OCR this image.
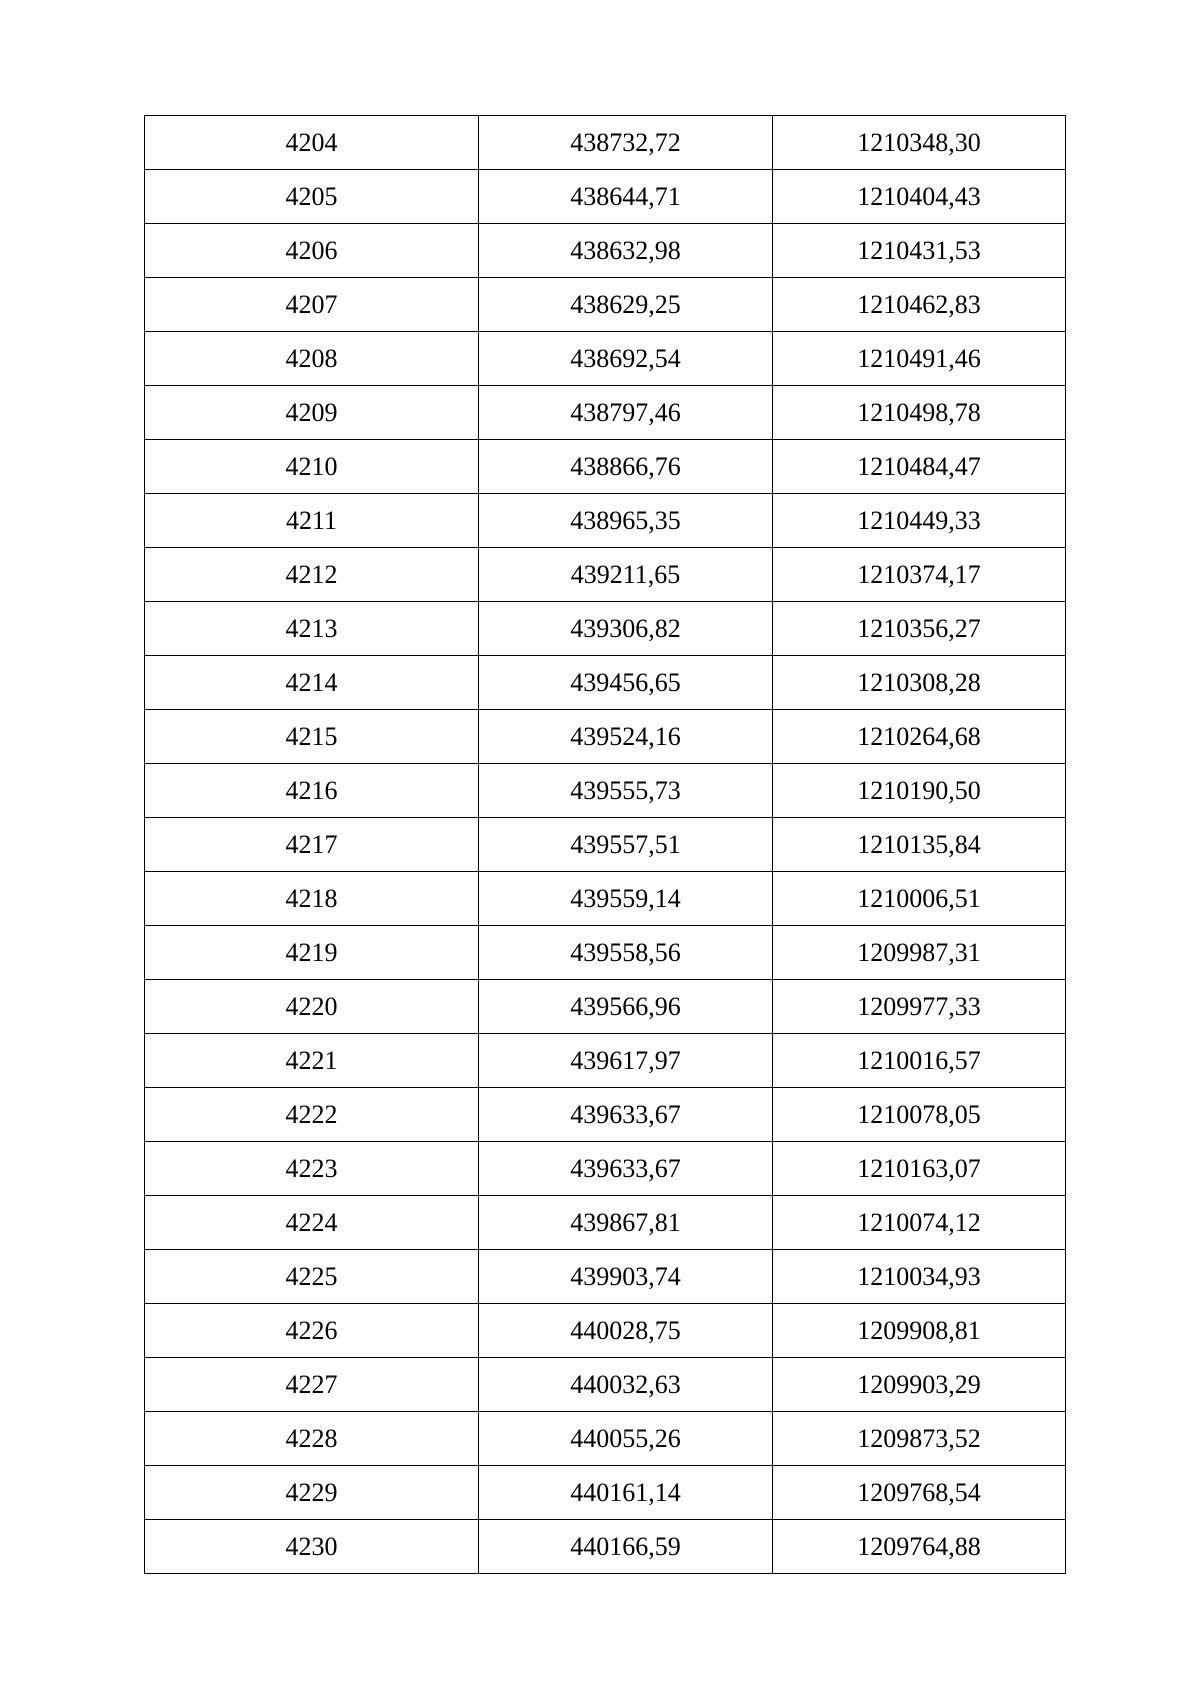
4204	438732,72	1210348,30
4205	438644,71	1210404,43
4206	438632,98	1210431,53
4207	438629,25	1210462,83
4208	438692,54	1210491,46
4209	438797,46	1210498,78
4210	438866,76	1210484,47
4211	438965,35	1210449,33
4212	439211,65	1210374,17
4213	439306,82	1210356,27
4214	439456,65	1210308,28
4215	439524,16	1210264,68
4216	439555,73	1210190,50
4217	439557,51	1210135,84
4218	439559,14	1210006,51
4219	439558,56	1209987,31
4220	439566,96	1209977,33
4221	439617,97	1210016,57
4222	439633,67	1210078,05
4223	439633,67	1210163,07
4224	439867,81	1210074,12
4225	439903,74	1210034,93
4226	440028,75	1209908,81
4227	440032,63	1209903,29
4228	440055,26	1209873,52
4229	440161,14	1209768,54
4230	440166,59	1209764,88
